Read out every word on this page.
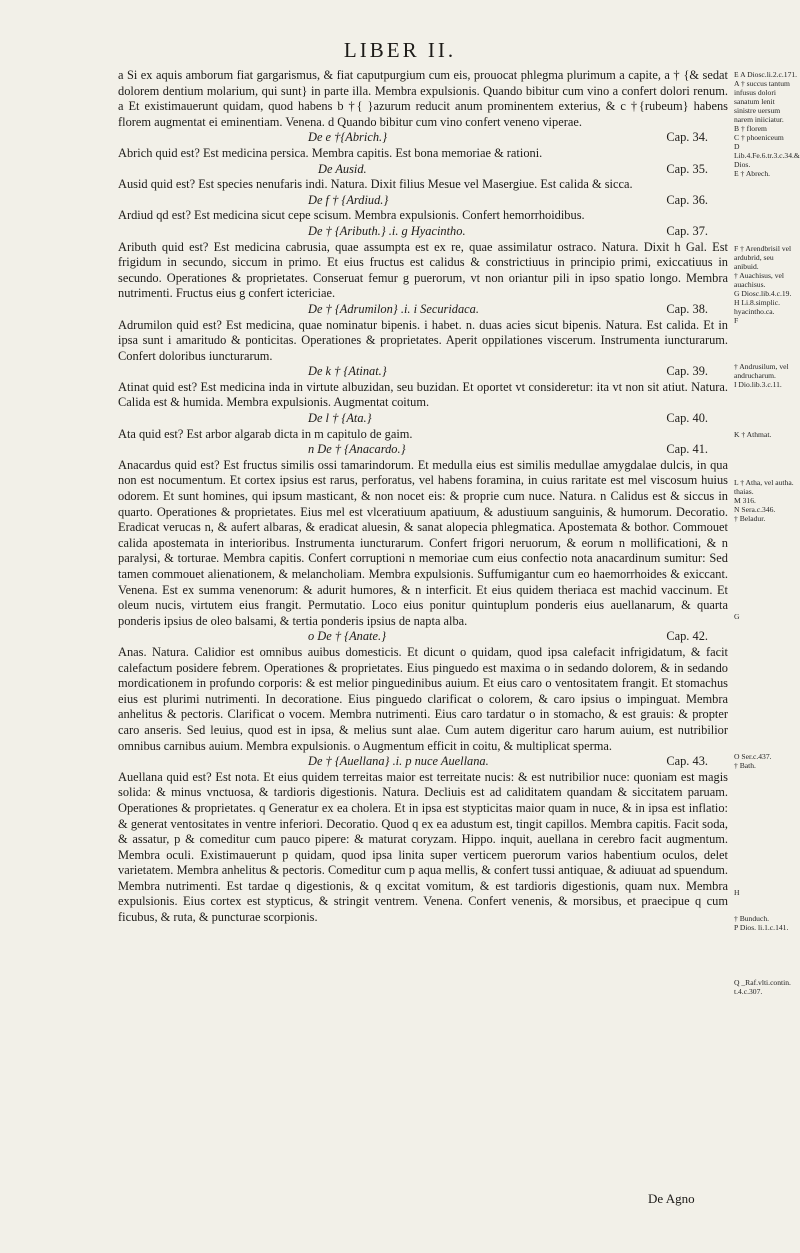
LIBER II.

a Si ex aquis amborum fiat gargarismus, & fiat caputpurgium cum eis, prouocat phlegma plurimum a capite, a † {& sedat dolorem dentium molarium, qui sunt} in parte illa. Membra expulsionis. Quando bibitur cum vino a confert dolori renum. a Et existimauerunt quidam, quod habens b †{ }azurum reducit anum prominentem exterius, & c †{rubeum} habens florem augmentat ei eminentiam. Venena. d Quando bibitur cum vino confert veneno viperae.

De e †{Abrich.}	Cap. 34.

Abrich quid est? Est medicina persica. Membra capitis. Est bona memoriae & rationi.

De Ausid.	Cap. 35.

Ausid quid est? Est species nenufaris indi. Natura. Dixit filius Mesue vel Masergiue. Est calida & sicca.

De f † {Ardiud.}	Cap. 36.

Ardiud qd est? Est medicina sicut cepe scisum. Membra expulsionis. Confert hemorrhoidibus.

De † {Aributh.} .i. g Hyacintho.	Cap. 37.

Aributh quid est? Est medicina cabrusia, quae assumpta est ex re, quae assimilatur ostraco. Natura. Dixit h Gal. Est frigidum in secundo, siccum in primo. Et eius fructus est calidus & constrictiuus in principio primi, exiccatiuus in secundo. Operationes & proprietates. Conseruat femur g puerorum, vt non oriantur pili in ipso spatio longo. Membra nutrimenti. Fructus eius g confert ictericiae.

De † {Adrumilon} .i. i Securidaca.	Cap. 38.

Adrumilon quid est? Est medicina, quae nominatur bipenis. i habet. n. duas acies sicut bipenis. Natura. Est calida. Et in ipsa sunt i amaritudo & ponticitas. Operationes & proprietates. Aperit oppilationes viscerum. Instrumenta iuncturarum. Confert doloribus iuncturarum.

De k † {Atinat.}	Cap. 39.

Atinat quid est? Est medicina inda in virtute albuzidan, seu buzidan. Et oportet vt consideretur: ita vt non sit atiut. Natura. Calida est & humida. Membra expulsionis. Augmentat coitum.

De l † {Ata.}	Cap. 40.

Ata quid est? Est arbor algarab dicta in m capitulo de gaim.

n De † {Anacardo.}	Cap. 41.

Anacardus quid est? Est fructus similis ossi tamarindorum. Et medulla eius est similis medullae amygdalae dulcis, in qua non est nocumentum. Et cortex ipsius est rarus, perforatus, vel habens foramina, in cuius raritate est mel viscosum huius odorem. Et sunt homines, qui ipsum masticant, & non nocet eis: & proprie cum nuce. Natura. n Calidus est & siccus in quarto. Operationes & proprietates. Eius mel est vlceratiuum apatiuum, & adustiuum sanguinis, & humorum. Decoratio. Eradicat verucas n, & aufert albaras, & eradicat aluesin, & sanat alopecia phlegmatica. Apostemata & bothor. Commouet calida apostemata in interioribus. Instrumenta iuncturarum. Confert frigori neruorum, & eorum n mollificationi, & n paralysi, & torturae. Membra capitis. Confert corruptioni n memoriae cum eius confectio nota anacardinum sumitur: Sed tamen commouet alienationem, & melancholiam. Membra expulsionis. Suffumigantur cum eo haemorrhoides & exiccant. Venena. Est ex summa venenorum: & adurit humores, & n interficit. Et eius quidem theriaca est machid vaccinum. Et oleum nucis, virtutem eius frangit. Permutatio. Loco eius ponitur quintuplum ponderis eius auellanarum, & quarta ponderis ipsius de oleo balsami, & tertia ponderis ipsius de napta alba.

o De † {Anate.}	Cap. 42.

Anas. Natura. Calidior est omnibus auibus domesticis. Et dicunt o quidam, quod ipsa calefacit infrigidatum, & facit calefactum posidere febrem. Operationes & proprietates. Eius pinguedo est maxima o in sedando dolorem, & in sedando mordicationem in profundo corporis: & est melior pinguedinibus auium. Et eius caro o ventositatem frangit. Et stomachus eius est plurimi nutrimenti. In decoratione. Eius pinguedo clarificat o colorem, & caro ipsius o impinguat. Membra anhelitus & pectoris. Clarificat o vocem. Membra nutrimenti. Eius caro tardatur o in stomacho, & est grauis: & propter caro anseris. Sed leuius, quod est in ipsa, & melius sunt alae. Cum autem digeritur caro harum auium, est nutribilior omnibus carnibus auium. Membra expulsionis. o Augmentum efficit in coitu, & multiplicat sperma.

De † {Auellana} .i. p nuce Auellana.	Cap. 43.

Auellana quid est? Est nota. Et eius quidem terreitas maior est terreitate nucis: & est nutribilior nuce: quoniam est magis solida: & minus vnctuosa, & tardioris digestionis. Natura. Decliuis est ad caliditatem quandam & siccitatem paruam. Operationes & proprietates. q Generatur ex ea cholera. Et in ipsa est stypticitas maior quam in nuce, & in ipsa est inflatio: & generat ventositates in ventre inferiori. Decoratio. Quod q ex ea adustum est, tingit capillos. Membra capitis. Facit soda, & assatur, p & comeditur cum pauco pipere: & maturat coryzam. Hippo. inquit, auellana in cerebro facit augmentum. Membra oculi. Existimauerunt p quidam, quod ipsa linita super verticem puerorum varios habentium oculos, delet varietatem. Membra anhelitus & pectoris. Comeditur cum p aqua mellis, & confert tussi antiquae, & adiuuat ad spuendum. Membra nutrimenti. Est tardae q digestionis, & q excitat vomitum, & est tardioris digestionis, quam nux. Membra expulsionis. Eius cortex est stypticus, & stringit ventrem. Venena. Confert venenis, & morsibus, et praecipue q cum ficubus, & ruta, & puncturae scorpionis.

E A Diosc.li.2.c.171.
A † succus tantum infusus dolori sanatum lenit sinistre uersum narem iniiciatur.
B † florem
C † phoeniceum
D Lib.4.Fe.6.tr.3.c.34.& Dios.
E † Abrech.
F † Arendbrisil vel ardubrid, seu anibuid.
† Auachisus, vel auachisus.
G Diosc.lib.4.c.19.
H Li.8.simplic.
hyacintho.ca.
F
† Andrusilum, vel andrucharum.
I Dio.lib.3.c.11.
K † Athmat.
L † Atha, vel autha.
thaias.
M 316.
N Sera.c.346.
† Beladur.
G
O Ser.c.437.
† Bath.
H
† Bunduch.
P Dios. li.1.c.141.
Q _Raf.vlti.contin. t.4.c.307.
De Agno
